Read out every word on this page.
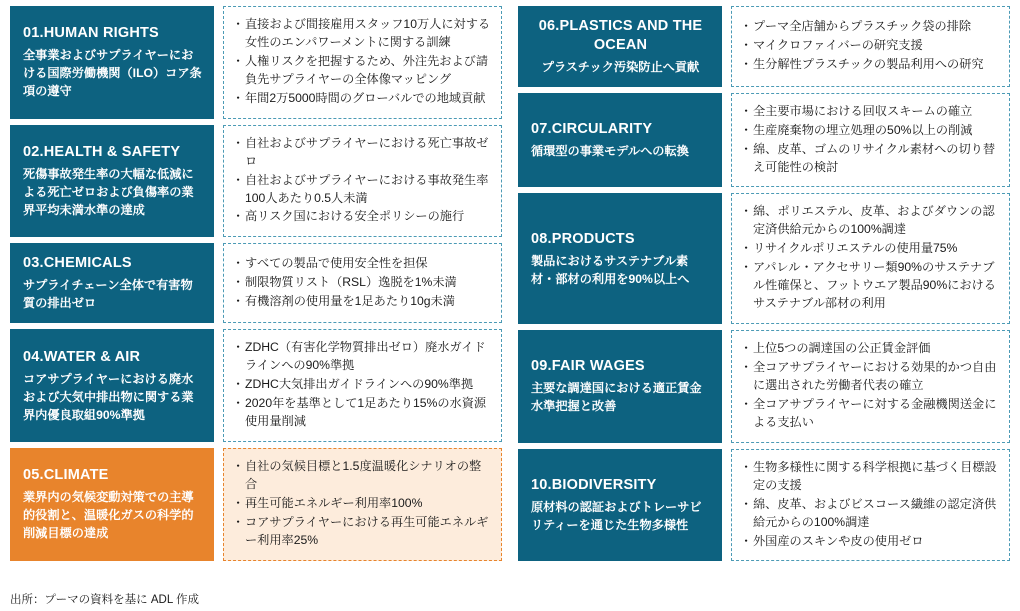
01.HUMAN RIGHTS
全事業およびサプライヤーにおける国際労働機関（ILO）コア条項の遵守
・ 直接および間接雇用スタッフ10万人に対する女性のエンパワーメントに関する訓練
・ 人権リスクを把握するため、外注先および請負先サプライヤーの全体像マッピング
・ 年間2万5000時間のグローバルでの地域貢献
02.HEALTH & SAFETY
死傷事故発生率の大幅な低減による死亡ゼロおよび負傷率の業界平均未満水準の達成
・ 自社およびサプライヤーにおける死亡事故ゼロ
・ 自社およびサプライヤーにおける事故発生率100人あたり0.5人未満
・ 高リスク国における安全ポリシーの施行
03.CHEMICALS
サプライチェーン全体で有害物質の排出ゼロ
・ すべての製品で使用安全性を担保
・ 制限物質リスト（RSL）逸脱を1%未満
・ 有機溶剤の使用量を1足あたり10g未満
04.WATER & AIR
コアサプライヤーにおける廃水および大気中排出物に関する業界内優良取組90%準拠
・ ZDHC（有害化学物質排出ゼロ）廃水ガイドラインへの90%準拠
・ ZDHC大気排出ガイドラインへの90%準拠
・ 2020年を基準として1足あたり15%の水資源使用量削減
05.CLIMATE
業界内の気候変動対策での主導的役割と、温暖化ガスの科学的削減目標の達成
・ 自社の気候目標と1.5度温暖化シナリオの整合
・ 再生可能エネルギー利用率100%
・ コアサプライヤーにおける再生可能エネルギー利用率25%
06.PLASTICS AND THE OCEAN
プラスチック汚染防止へ貢献
・ プーマ全店舗からプラスチック袋の排除
・ マイクロファイバーの研究支援
・ 生分解性プラスチックの製品利用への研究
07.CIRCULARITY
循環型の事業モデルへの転換
・ 全主要市場における回収スキームの確立
・ 生産廃棄物の埋立処理の50%以上の削減
・ 綿、皮革、ゴムのリサイクル素材への切り替え可能性の検討
08.PRODUCTS
製品におけるサステナブル素材・部材の利用を90%以上へ
・ 綿、ポリエステル、皮革、およびダウンの認定済供給元からの100%調達
・ リサイクルポリエステルの使用量75%
・ アパレル・アクセサリー類90%のサステナブル性確保と、フットウエア製品90%におけるサステナブル部材の利用
09.FAIR WAGES
主要な調達国における適正賃金水準把握と改善
・ 上位5つの調達国の公正賃金評価
・ 全コアサプライヤーにおける効果的かつ自由に選出された労働者代表の確立
・ 全コアサプライヤーに対する金融機関送金による支払い
10.BIODIVERSITY
原材料の認証およびトレーサビリティーを通じた生物多様性
・ 生物多様性に関する科学根拠に基づく目標設定の支援
・ 綿、皮革、およびビスコース繊維の認定済供給元からの100%調達
・ 外国産のスキンや皮の使用ゼロ
出所：プーマの資料を基に ADL 作成
